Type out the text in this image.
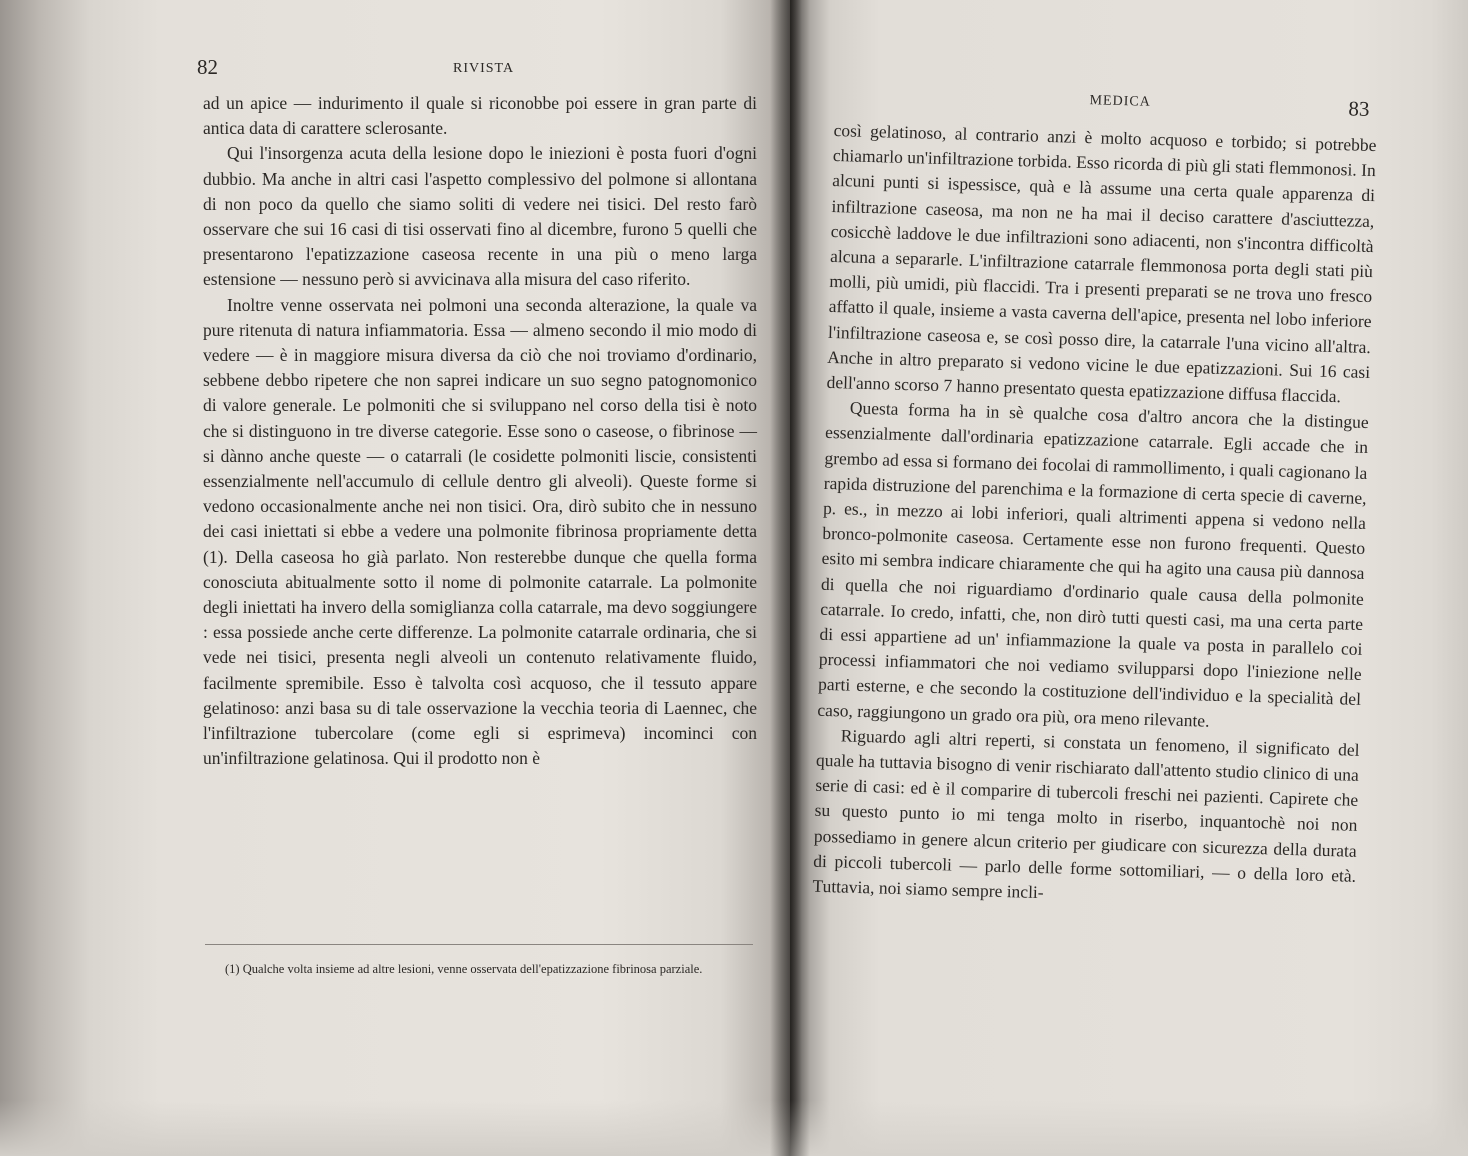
82	RIVISTA

ad un apice — indurimento il quale si riconobbe poi essere in gran parte di antica data di carattere sclerosante.

Qui l'insorgenza acuta della lesione dopo le iniezioni è posta fuori d'ogni dubbio. Ma anche in altri casi l'aspetto complessivo del polmone si allontana di non poco da quello che siamo soliti di vedere nei tisici. Del resto farò osservare che sui 16 casi di tisi osservati fino al dicembre, furono 5 quelli che presentarono l'epatizzazione caseosa recente in una più o meno larga estensione — nessuno però si avvicinava alla misura del caso riferito.

Inoltre venne osservata nei polmoni una seconda alterazione, la quale va pure ritenuta di natura infiammatoria. Essa — almeno secondo il mio modo di vedere — è in maggiore misura diversa da ciò che noi troviamo d'ordinario, sebbene debbo ripetere che non saprei indicare un suo segno patognomonico di valore generale. Le polmoniti che si sviluppano nel corso della tisi è noto che si distinguono in tre diverse categorie. Esse sono o caseose, o fibrinose — si dànno anche queste — o catarrali (le cosidette polmoniti liscie, consistenti essenzialmente nell'accumulo di cellule dentro gli alveoli). Queste forme si vedono occasionalmente anche nei non tisici. Ora, dirò subito che in nessuno dei casi iniettati si ebbe a vedere una polmonite fibrinosa propriamente detta (1). Della caseosa ho già parlato. Non resterebbe dunque che quella forma conosciuta abitualmente sotto il nome di polmonite catarrale. La polmonite degli iniettati ha invero della somiglianza colla catarrale, ma devo soggiungere : essa possiede anche certe differenze. La polmonite catarrale ordinaria, che si vede nei tisici, presenta negli alveoli un contenuto relativamente fluido, facilmente spremibile. Esso è talvolta così acquoso, che il tessuto appare gelatinoso: anzi basa su di tale osservazione la vecchia teoria di Laennec, che l'infiltrazione tubercolare (come egli si esprimeva) incominci con un'infiltrazione gelatinosa. Qui il prodotto non è

(1) Qualche volta insieme ad altre lesioni, venne osservata dell'epatizzazione fibrinosa parziale.
MEDICA	83

così gelatinoso, al contrario anzi è molto acquoso e torbido; si potrebbe chiamarlo un'infiltrazione torbida. Esso ricorda di più gli stati flemmonosi. In alcuni punti si ispessisce, quà e là assume una certa quale apparenza di infiltrazione caseosa, ma non ne ha mai il deciso carattere d'asciuttezza, cosicchè laddove le due infiltrazioni sono adiacenti, non s'incontra difficoltà alcuna a separarle. L'infiltrazione catarrale flemmonosa porta degli stati più molli, più umidi, più flaccidi. Tra i presenti preparati se ne trova uno fresco affatto il quale, insieme a vasta caverna dell'apice, presenta nel lobo inferiore l'infiltrazione caseosa e, se così posso dire, la catarrale l'una vicino all'altra. Anche in altro preparato si vedono vicine le due epatizzazioni. Sui 16 casi dell'anno scorso 7 hanno presentato questa epatizzazione diffusa flaccida.

Questa forma ha in sè qualche cosa d'altro ancora che la distingue essenzialmente dall'ordinaria epatizzazione catarrale. Egli accade che in grembo ad essa si formano dei focolai di rammollimento, i quali cagionano la rapida distruzione del parenchima e la formazione di certa specie di caverne, p. es., in mezzo ai lobi inferiori, quali altrimenti appena si vedono nella bronco-polmonite caseosa. Certamente esse non furono frequenti. Questo esito mi sembra indicare chiaramente che qui ha agito una causa più dannosa di quella che noi riguardiamo d'ordinario quale causa della polmonite catarrale. Io credo, infatti, che, non dirò tutti questi casi, ma una certa parte di essi appartiene ad un' infiammazione la quale va posta in parallelo coi processi infiammatori che noi vediamo svilupparsi dopo l'iniezione nelle parti esterne, e che secondo la costituzione dell'individuo e la specialità del caso, raggiungono un grado ora più, ora meno rilevante.

Riguardo agli altri reperti, si constata un fenomeno, il significato del quale ha tuttavia bisogno di venir rischiarato dall'attento studio clinico di una serie di casi: ed è il comparire di tubercoli freschi nei pazienti. Capirete che su questo punto io mi tenga molto in riserbo, inquantochè noi non possediamo in genere alcun criterio per giudicare con sicurezza della durata di piccoli tubercoli — parlo delle forme sottomiliari, — o della loro età. Tuttavia, noi siamo sempre incli-
